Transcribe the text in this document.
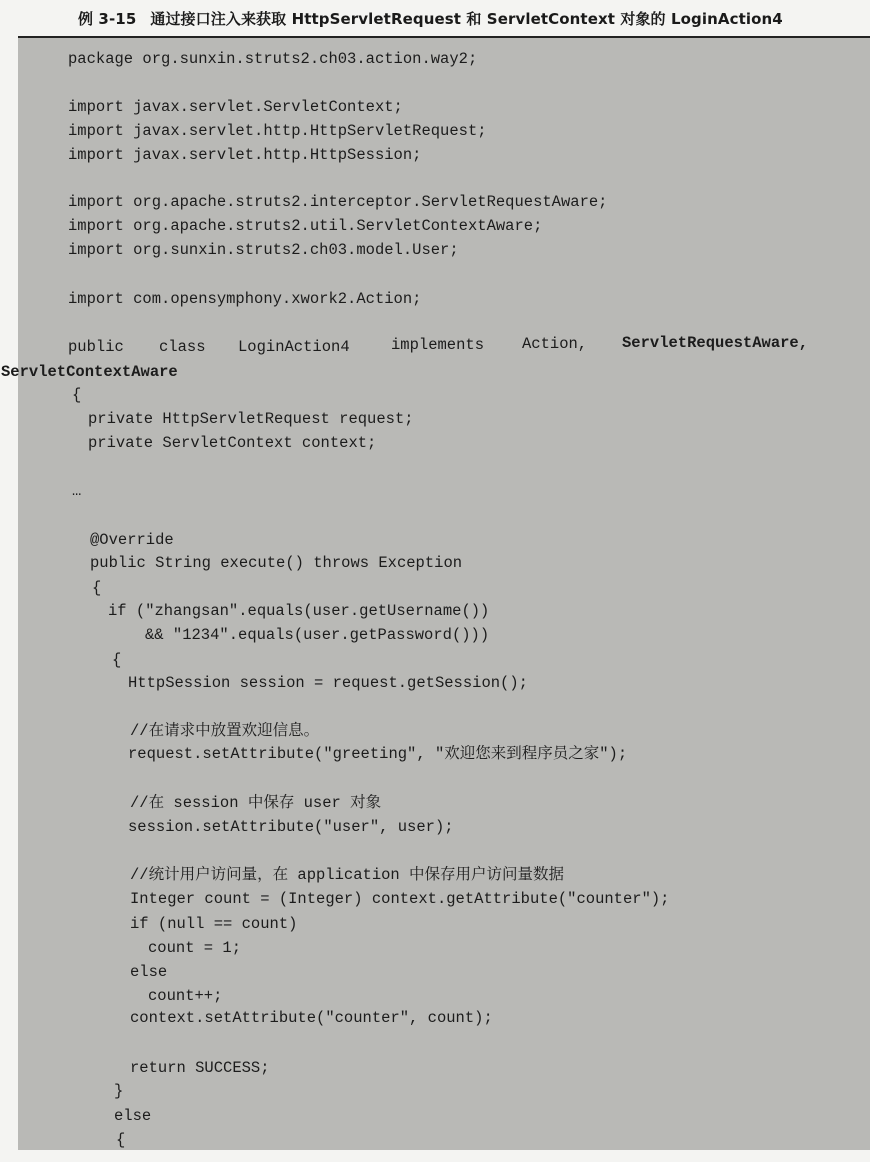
例 3-15 通过接口注入来获取 HttpServletRequest 和 ServletContext 对象的 LoginAction4
package org.sunxin.struts2.ch03.action.way2;
import javax.servlet.ServletContext;
import javax.servlet.http.HttpServletRequest;
import javax.servlet.http.HttpSession;
import org.apache.struts2.interceptor.ServletRequestAware;
import org.apache.struts2.util.ServletContextAware;
import org.sunxin.struts2.ch03.model.User;
import com.opensymphony.xwork2.Action;
public class LoginAction4	implements Action, ServletRequestAware,
ServletContextAware
{
private HttpServletRequest request;
private ServletContext context;
…
@Override
public String execute() throws Exception
{
if ("zhangsan".equals(user.getUsername())
&& "1234".equals(user.getPassword()))
{
HttpSession session = request.getSession();
//在请求中放置欢迎信息。
request.setAttribute("greeting", "欢迎您来到程序员之家");
//在 session 中保存 user 对象
session.setAttribute("user", user);
//统计用户访问量，在 application 中保存用户访问量数据
Integer count = (Integer) context.getAttribute("counter");
if (null == count)
count = 1;
else
count++;
context.setAttribute("counter", count);
return SUCCESS;
}
else
{
